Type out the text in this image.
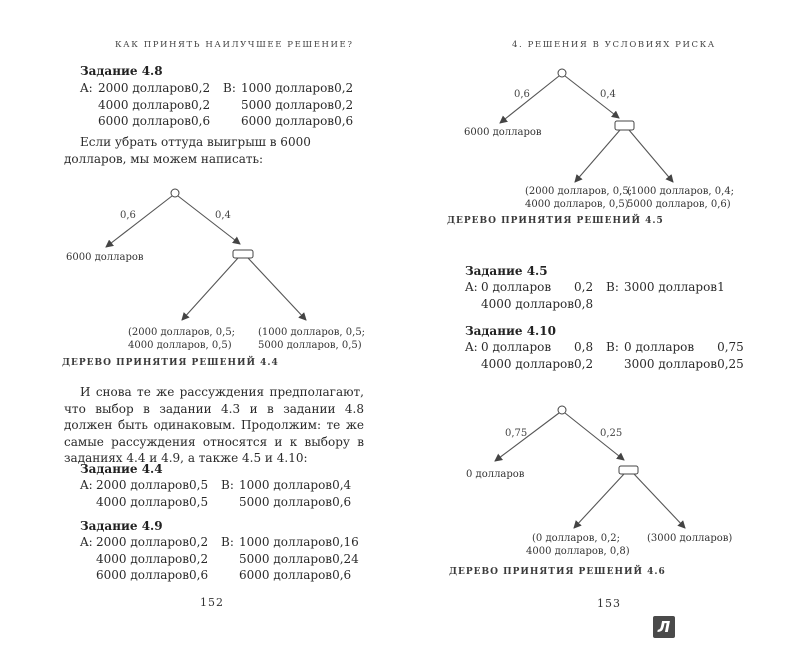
КАК ПРИНЯТЬ НАИЛУЧШЕЕ РЕШЕНИЕ?
Задание 4.8
A:	2000 долларов	0,2	B:	1000 долларов	0,2
	4000 долларов	0,2		5000 долларов	0,2
	6000 долларов	0,6		6000 долларов	0,6
Если убрать оттуда выигрыш в 6000 долларов, мы можем написать:
0,6	0,4
6000 долларов
(2000 долларов, 0,5;
4000 долларов, 0,5)
(1000 долларов, 0,5;
5000 долларов, 0,5)
ДЕРЕВО ПРИНЯТИЯ РЕШЕНИЙ 4.4
И снова те же рассуждения предполагают, что выбор в задании 4.3 и в задании 4.8 должен быть одинаковым. Продолжим: те же самые рассуждения относятся и к выбору в заданиях 4.4 и 4.9, а также 4.5 и 4.10:
Задание 4.4
A:	2000 долларов	0,5	B:	1000 долларов	0,4
	4000 долларов	0,5		5000 долларов	0,6
Задание 4.9
A:	2000 долларов	0,2	B:	1000 долларов	0,16
	4000 долларов	0,2		5000 долларов	0,24
	6000 долларов	0,6		6000 долларов	0,6
152
4. РЕШЕНИЯ В УСЛОВИЯХ РИСКА
0,6	0,4
6000 долларов
(2000 долларов, 0,5;
4000 долларов, 0,5)
(1000 долларов, 0,4;
5000 долларов, 0,6)
ДЕРЕВО ПРИНЯТИЯ РЕШЕНИЙ 4.5
Задание 4.5
A:	0 долларов	0,2	B:	3000 долларов	1
	4000 долларов	0,8			
Задание 4.10
A:	0 долларов	0,8	B:	0 долларов	0,75
	4000 долларов	0,2		3000 долларов	0,25
0,75	0,25
0 долларов
(0 долларов, 0,2;
4000 долларов, 0,8)
(3000 долларов)
ДЕРЕВО ПРИНЯТИЯ РЕШЕНИЙ 4.6
153
Л
